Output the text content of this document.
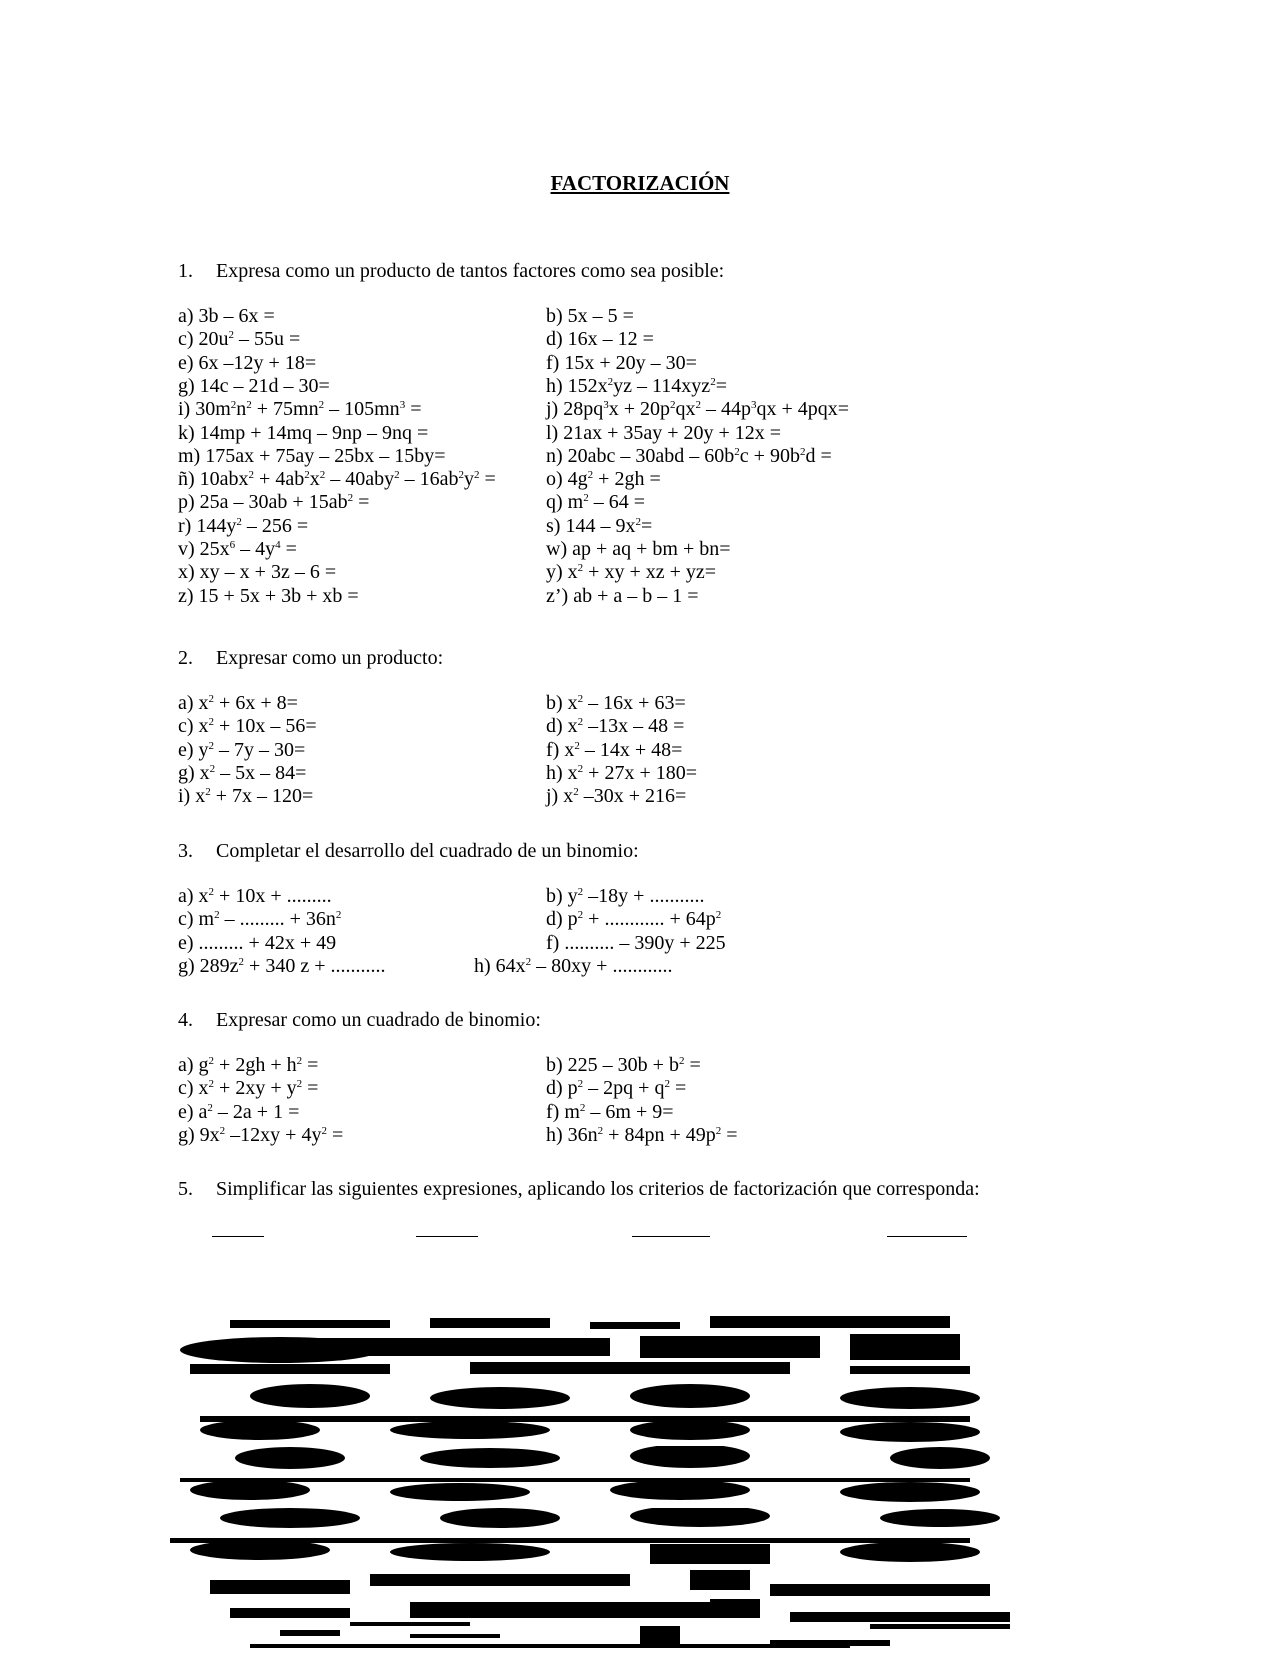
FACTORIZACIÓN
1. Expresa como un producto de tantos factores como sea posible:
a) 3b – 6x =	b) 5x – 5 =
c) $20u^2 - 55u$ =	d) 16x – 12 =
e) 6x –12y + 18=	f) 15x + 20y – 30=
g) 14c – 21d – 30=	h) $152x^2yz - 114xyz^2=$
i) $30m^2n^2 + 75mn^2 - 105mn^3$ =	j) $28pq^3x + 20p^2qx^2 - 44p^3qx + 4pqx=$
k) 14mp + 14mq – 9np – 9nq =	l) 21ax + 35ay + 20y + 12x =
m) 175ax + 75ay – 25bx – 15by=	n) $20abc - 30abd - 60b^2c + 90b^2d$ =
ñ) $10abx^2 + 4ab^2x^2 - 40aby^2 - 16ab^2y^2$ =	o) $4g^2 + 2gh$ =
p) $25a - 30ab + 15ab^2$ =	q) $m^2 - 64$ =
r) $144y^2 - 256$ =	s) $144 - 9x^2=$
v) $25x^6 - 4y^4$ =	w) ap + aq + bm + bn=
x) xy – x + 3z – 6 =	y) $x^2$ + xy + xz + yz=
z) 15 + 5x + 3b + xb =	z’) ab + a – b – 1 =
2. Expresar como un producto:
a) $x^2 + 6x + 8=$	b) $x^2 - 16x + 63=$
c) $x^2 + 10x - 56=$	d) $x^2$ –13x – 48 =
e) $y^2 - 7y - 30=$	f) $x^2 - 14x + 48=$
g) $x^2 - 5x - 84=$	h) $x^2 + 27x + 180=$
i) $x^2 + 7x - 120=$	j) $x^2$ –30x + 216=
3. Completar el desarrollo del cuadrado de un binomio:
a) $x^2 + 10x$ + .........	b) $y^2$ –18y + ...........
c) $m^2$ – ......... + $36n^2$	d) $p^2$ + ............ + $64p^2$
e) ......... + 42x + 49	f) .......... – 390y + 225
g) $289z^2 + 340$ z + ...........	h) $64x^2 - 80xy$ + ............
4. Expresar como un cuadrado de binomio:
a) $g^2 + 2gh + h^2$ =	b) $225 - 30b + b^2$ =
c) $x^2 + 2xy + y^2$ =	d) $p^2 - 2pq + q^2$ =
e) $a^2 - 2a + 1$ =	f) $m^2 - 6m + 9=$
g) $9x^2$ $-12xy + 4y^2$ =	h) $36n^2 + 84pn + 49p^2$ =
5. Simplificar las siguientes expresiones, aplicando los criterios de factorización que corresponda:
